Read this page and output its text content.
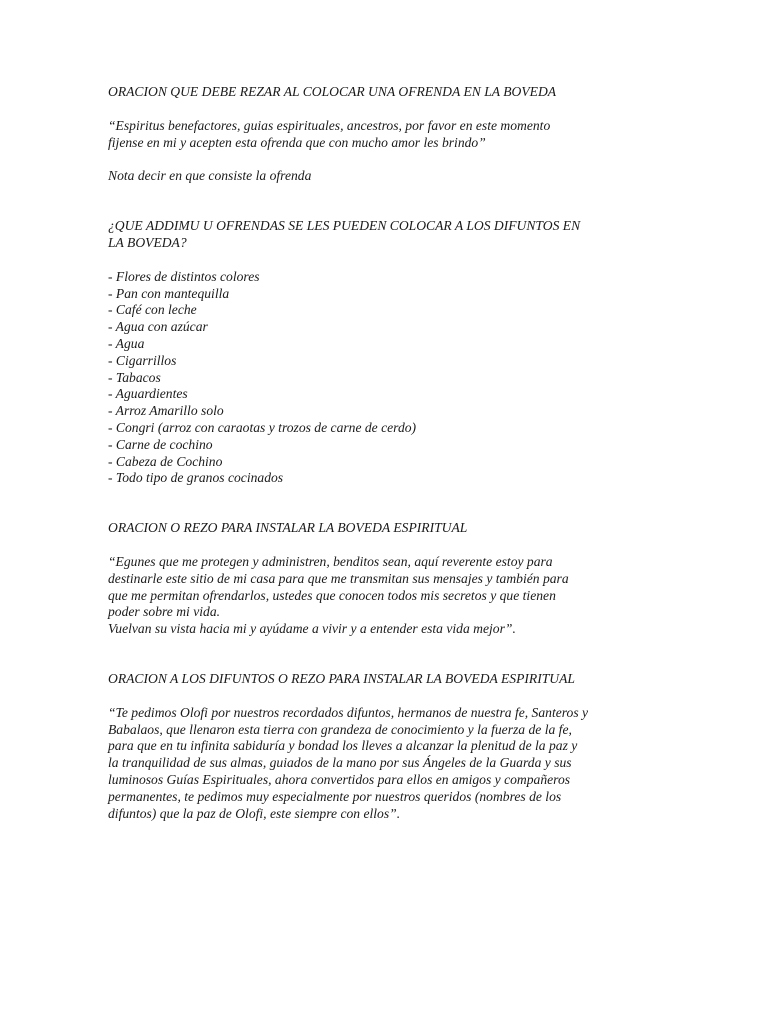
ORACION QUE DEBE REZAR AL COLOCAR UNA OFRENDA EN LA BOVEDA

“Espiritus benefactores, guias espirituales, ancestros, por favor en este momento

fijense en mi y acepten esta ofrenda que con mucho amor les brindo”

Nota decir en que consiste la ofrenda

¿QUE ADDIMU U OFRENDAS SE LES PUEDEN COLOCAR A LOS DIFUNTOS EN

LA BOVEDA?

- Flores de distintos colores
- Pan con mantequilla
- Café con leche
- Agua con azúcar
- Agua
- Cigarrillos
- Tabacos
- Aguardientes
- Arroz Amarillo solo
- Congri (arroz con caraotas y trozos de carne de cerdo)
- Carne de cochino
- Cabeza de Cochino
- Todo tipo de granos cocinados

ORACION O REZO PARA INSTALAR LA BOVEDA ESPIRITUAL

“Egunes que me protegen y administren, benditos sean, aquí reverente estoy para

destinarle este sitio de mi casa para que me transmitan sus mensajes y también para

que me permitan ofrendarlos, ustedes que conocen todos mis secretos y que tienen

poder sobre mi vida.

Vuelvan su vista hacia mi y ayúdame a vivir y a entender esta vida mejor”.

ORACION A LOS DIFUNTOS O REZO PARA INSTALAR LA BOVEDA ESPIRITUAL

“Te pedimos Olofi por nuestros recordados difuntos, hermanos de nuestra fe, Santeros y

Babalaos, que llenaron esta tierra con grandeza de conocimiento y la fuerza de la fe,

para que en tu infinita sabiduría y bondad los lleves a alcanzar la plenitud de la paz y

la tranquilidad de sus almas, guiados de la mano por sus Ángeles de la Guarda y sus

luminosos Guías Espirituales, ahora convertidos para ellos en amigos y compañeros

permanentes, te pedimos muy especialmente por nuestros queridos (nombres de los

difuntos) que la paz de Olofi, este siempre con ellos”.
